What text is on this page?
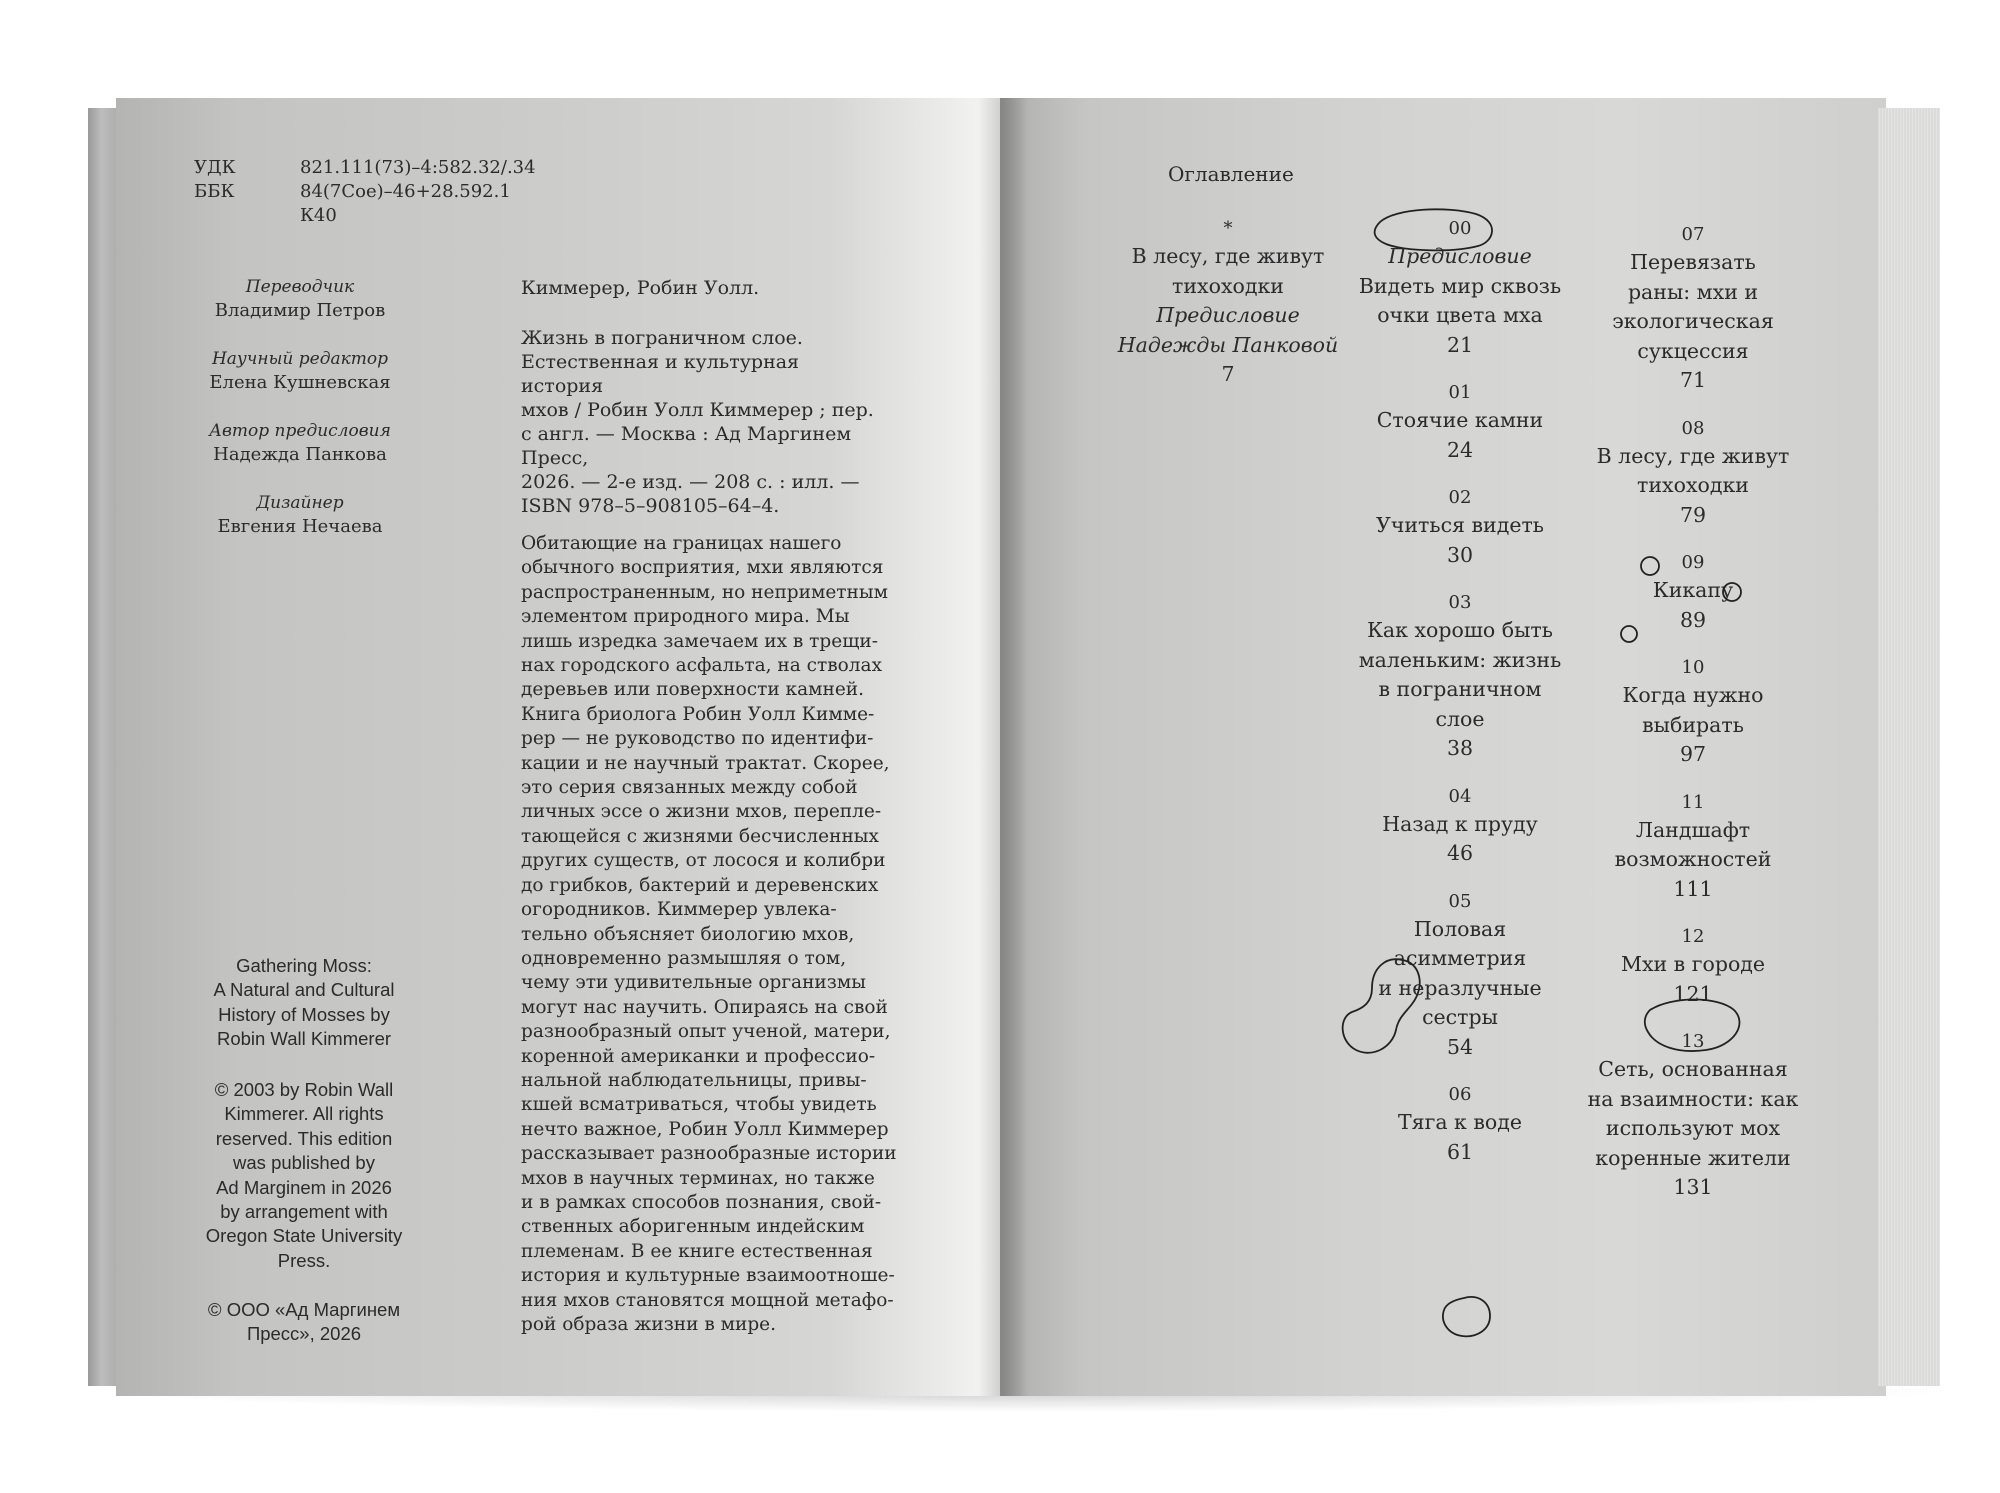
УДК	821.111(73)–4:582.32/.34
ББК	84(7Сое)–46+28.592.1
К40
Переводчик
Владимир Петров
Научный редактор
Елена Кушневская
Автор предисловия
Надежда Панкова
Дизайнер
Евгения Нечаева

Киммерер, Робин Уолл.

Жизнь в пограничном слое.

Естественная и культурная история

мхов / Робин Уолл Киммерер ; пер.

с англ. — Москва : Ад Маргинем Пресс,

2026. — 2-е изд. — 208 с. : илл. —

ISBN 978–5–908105–64–4.

Обитающие на границах нашего
обычного восприятия, мхи являются
распространенным, но неприметным
элементом природного мира. Мы
лишь изредка замечаем их в трещи-
нах городского асфальта, на стволах
деревьев или поверхности камней.
Книга бриолога Робин Уолл Кимме-
рер — не руководство по идентифи-
кации и не научный трактат. Скорее,
это серия связанных между собой
личных эссе о жизни мхов, перепле-
тающейся с жизнями бесчисленных
других существ, от лосося и колибри
до грибков, бактерий и деревенских
огородников. Киммерер увлека-
тельно объясняет биологию мхов,
одновременно размышляя о том,
чему эти удивительные организмы
могут нас научить. Опираясь на свой
разнообразный опыт ученой, матери,
коренной американки и профессио-
нальной наблюдательницы, привы-
кшей всматриваться, чтобы увидеть
нечто важное, Робин Уолл Киммерер
рассказывает разнообразные истории
мхов в научных терминах, но также
и в рамках способов познания, свой-
ственных аборигенным индейским
племенам. В ее книге естественная
история и культурные взаимоотноше-
ния мхов становятся мощной метафо-
рой образа жизни в мире.
Gathering Moss:
A Natural and Cultural
History of Mosses by
Robin Wall Kimmerer
© 2003 by Robin Wall
Kimmerer. All rights
reserved. This edition
was published by
Ad Marginem in 2026
by arrangement with
Oregon State University
Press.
© ООО «Ад Маргинем
Пресс», 2026
Оглавление
*
В лесу, где живут
тихоходки
Предисловие
Надежды Панковой
7
00
Предисловие
Видеть мир сквозь
очки цвета мха
21
01
Стоячие камни
24
02
Учиться видеть
30
03
Как хорошо быть
маленьким: жизнь
в пограничном
слое
38
04
Назад к пруду
46
05
Половая
асимметрия
и неразлучные
сестры
54
06
Тяга к воде
61
07
Перевязать
раны: мхи и
экологическая
сукцессия
71
08
В лесу, где живут
тихоходки
79
09
Кикапу
89
10
Когда нужно
выбирать
97
11
Ландшафт
возможностей
111
12
Мхи в городе
121
13
Сеть, основанная
на взаимности: как
используют мох
коренные жители
131
